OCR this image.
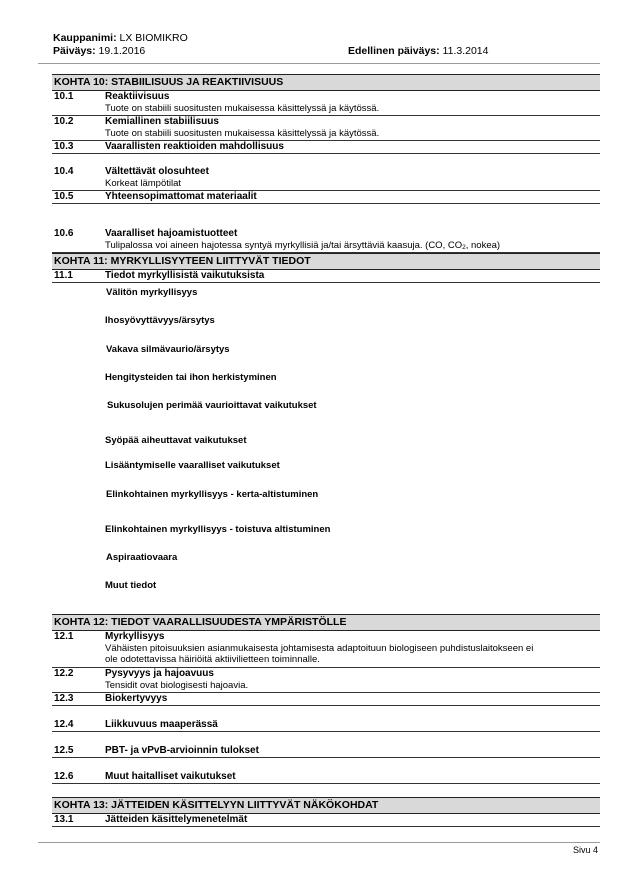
Kauppanimi: LX BIOMIKRO
Päiväys: 19.1.2016	Edellinen päiväys: 11.3.2014
KOHTA 10: STABIILISUUS JA REAKTIIVISUUS
10.1	Reaktiivisuus
Tuote on stabiili suositusten mukaisessa käsittelyssä ja käytössä.
10.2	Kemiallinen stabiilisuus
Tuote on stabiili suositusten mukaisessa käsittelyssä ja käytössä.
10.3	Vaarallisten reaktioiden mahdollisuus
10.4	Vältettävät olosuhteet
Korkeat lämpötilat
10.5	Yhteensopimattomat materiaalit
10.6	Vaaralliset hajoamistuotteet
Tulipalossa voi aineen hajotessa syntyä myrkyllisiä ja/tai ärsyttäviä kaasuja. (CO, $CO_2$, nokea)
KOHTA 11: MYRKYLLISYYTEEN LIITTYVÄT TIEDOT
11.1	Tiedot myrkyllisistä vaikutuksista
Välitön myrkyllisyys
Ihosyövyttävyys/ärsytys
Vakava silmävaurio/ärsytys
Hengitysteiden tai ihon herkistyminen
Sukusolujen perimää vaurioittavat vaikutukset
Syöpää aiheuttavat vaikutukset
Lisääntymiselle vaaralliset vaikutukset
Elinkohtainen myrkyllisyys - kerta-altistuminen
Elinkohtainen myrkyllisyys - toistuva altistuminen
Aspiraatiovaara
Muut tiedot
KOHTA 12: TIEDOT VAARALLISUUDESTA YMPÄRISTÖLLE
12.1	Myrkyllisyys
Vähäisten pitoisuuksien asianmukaisesta johtamisesta adaptoituun biologiseen puhdistuslaitokseen ei
ole odotettavissa häiriöitä aktiivilietteen toiminnalle.
12.2	Pysyvyys ja hajoavuus
Tensidit ovat biologisesti hajoavia.
12.3	Biokertyvyys
12.4	Liikkuvuus maaperässä
12.5	PBT- ja vPvB-arvioinnin tulokset
12.6	Muut haitalliset vaikutukset
KOHTA 13: JÄTTEIDEN KÄSITTELYYN LIITTYVÄT NÄKÖKOHDAT
13.1	Jätteiden käsittelymenetelmät
Sivu 4
